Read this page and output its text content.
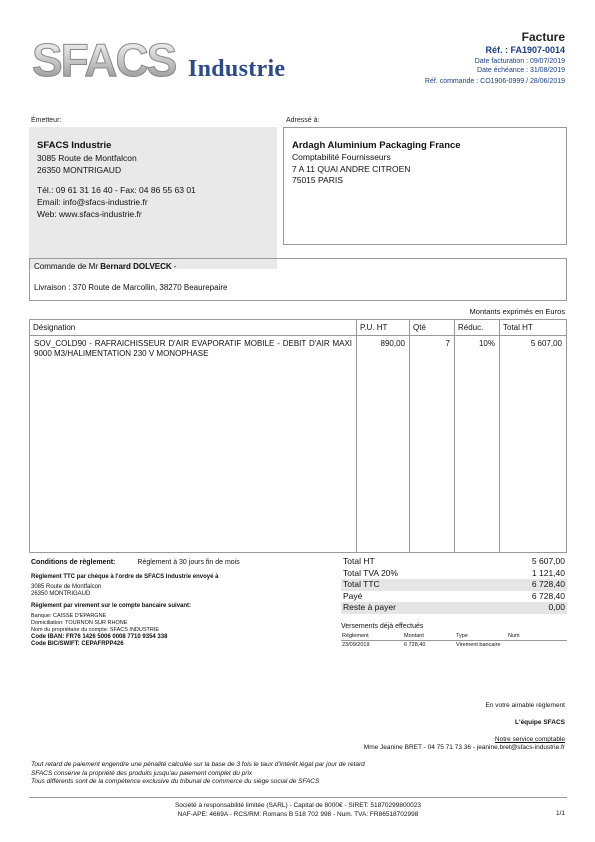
SFACS Industrie
Facture
Réf. : FA1907-0014
Date facturation : 09/07/2019
Date échéance : 31/08/2019
Réf. commande : CO1906-0999 / 28/06/2019
Émetteur:
SFACS Industrie
3085 Route de Montfalcon
26350 MONTRIGAUD
Tél.: 09 61 31 16 40 - Fax: 04 86 55 63 01
Email: info@sfacs-industrie.fr
Web: www.sfacs-industrie.fr
Adressé à:
Ardagh Aluminium Packaging France
Comptabilité Fournisseurs
7 A 11 QUAI ANDRE CITROEN
75015 PARIS
Commande de Mr Bernard DOLVECK -
Livraison : 370 Route de Marcollin, 38270 Beaurepaire
Montants exprimés en Euros
Désignation	P.U. HT	Qté	Réduc.	Total HT
SOV_COLD90 - RAFRAICHISSEUR D'AIR EVAPORATIF MOBILE - DEBIT D'AIR MAXI 9000 M3/HALIMENTATION 230 V MONOPHASE	890,00	7	10%	5 607,00
Conditions de règlement:	Règlement à 30 jours fin de mois
Règlement TTC par chèque à l'ordre de SFACS Industrie envoyé à
3085 Route de Montfalcon
26350 MONTRIGAUD
Règlement par virement sur le compte bancaire suivant:
Banque: CAISSE D'EPARGNE
Domiciliation: TOURNON SUR RHONE
Nom du propriétaire du compte: SFACS INDUSTRIE
Code IBAN: FR76 1426 5006 0008 7710 9354 338
Code BIC/SWIFT: CEPAFRPP426
Total HT	5 607,00
Total TVA 20%	1 121,40
Total TTC	6 728,40
Payé	6 728,40
Reste à payer	0,00
Versements déjà effectués
Règlement	Montant	Type	Num
23/09/2019	6 728,40	Virement bancaire
En votre aimable règlement
L'équipe SFACS
Notre service comptable
Mme Jeanine BRET - 04 75 71 73 36 - jeanine.bret@sfacs-industrie.fr
Tout retard de paiement engendre une pénalité calculée sur la base de 3 fois le taux d'intérêt légal par jour de retard
SFACS conserve la propriété des produits jusqu'au paiement complet du prix
Tous différents sont de la compétence exclusive du tribunal de commerce du siège social de SFACS
Société à responsabilité limitée (SARL) - Capital de 8000€ - SIRET: 51870299800023
NAF-APE: 4669A - RCS/RM: Romans B 518 702 998 - Num. TVA: FR86518702998	1/1
